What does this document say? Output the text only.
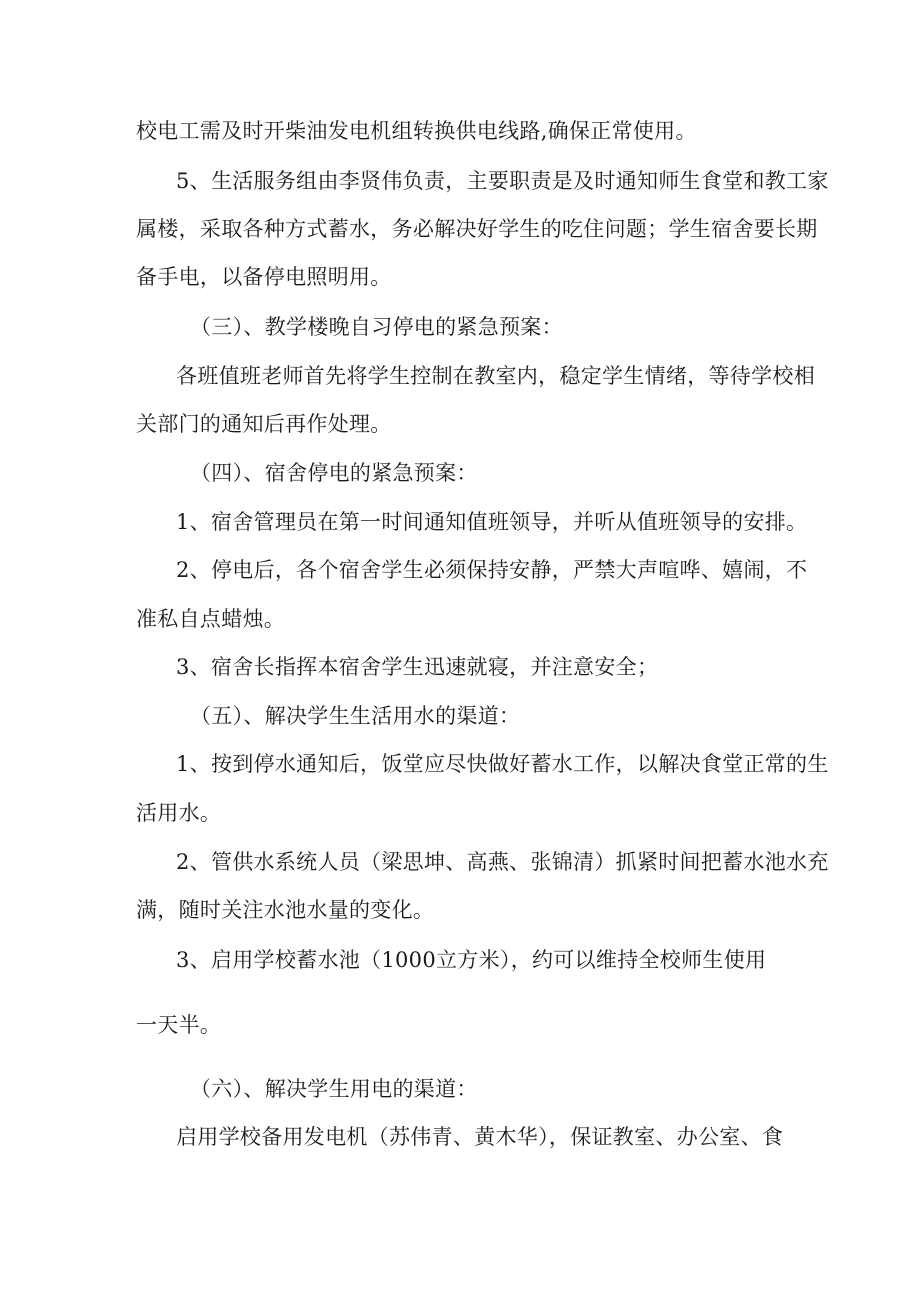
校电工需及时开柴油发电机组转换供电线路,确保正常使用。
5、生活服务组由李贤伟负责，主要职责是及时通知师生食堂和教工家
属楼，采取各种方式蓄水，务必解决好学生的吃住问题；学生宿舍要长期
备手电，以备停电照明用。
（三）、教学楼晚自习停电的紧急预案：
各班值班老师首先将学生控制在教室内，稳定学生情绪，等待学校相
关部门的通知后再作处理。
（四）、宿舍停电的紧急预案：
1、宿舍管理员在第一时间通知值班领导，并听从值班领导的安排。
2、停电后，各个宿舍学生必须保持安静，严禁大声喧哗、嬉闹，不
准私自点蜡烛。
3、宿舍长指挥本宿舍学生迅速就寝，并注意安全；
（五）、解决学生生活用水的渠道：
1、按到停水通知后，饭堂应尽快做好蓄水工作，以解决食堂正常的生
活用水。
2、管供水系统人员（梁思坤、高燕、张锦清）抓紧时间把蓄水池水充
满，随时关注水池水量的变化。
3、启用学校蓄水池（1000立方米），约可以维持全校师生使用
一天半。
（六）、解决学生用电的渠道：
启用学校备用发电机（苏伟青、黄木华），保证教室、办公室、食
